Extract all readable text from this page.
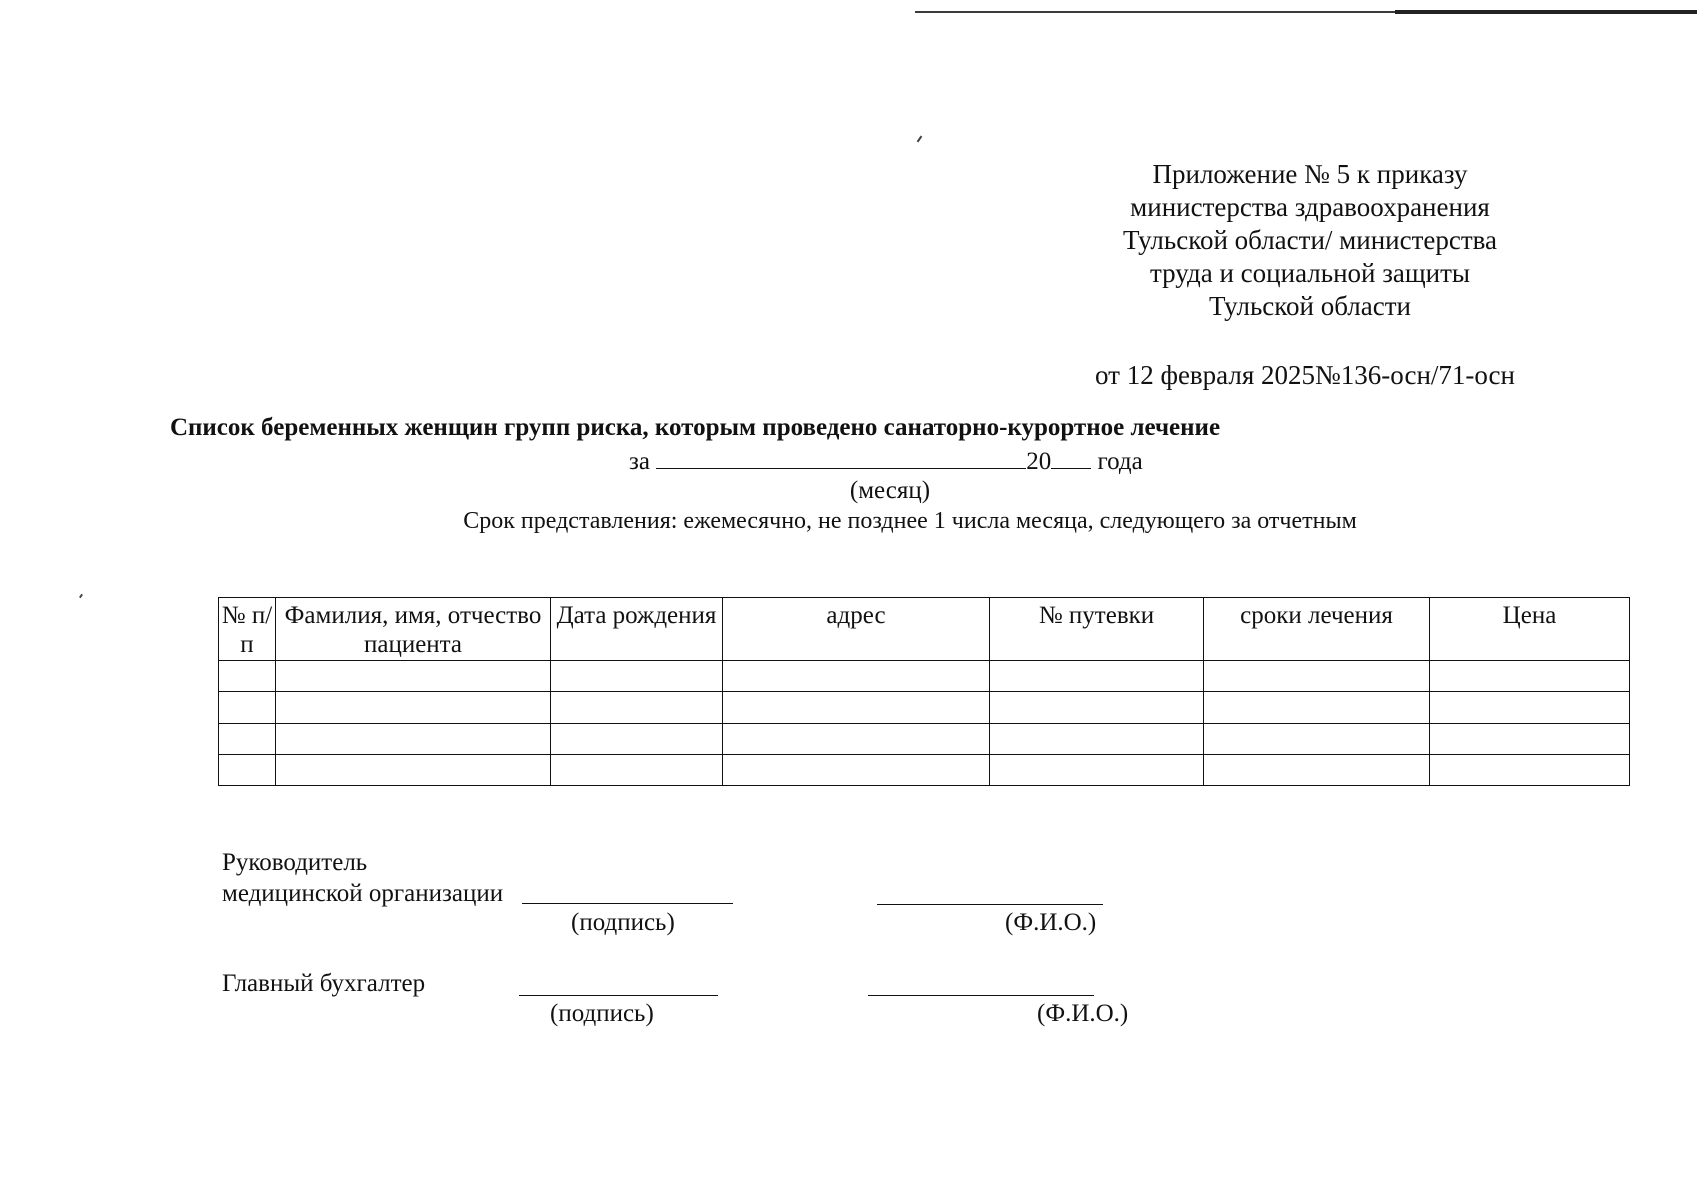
Приложение № 5 к приказу
министерства здравоохранения
Тульской области/ министерства
труда и социальной защиты
Тульской области
от 12 февраля 2025№136-осн/71-осн
Список беременных женщин групп риска, которым проведено санаторно-курортное лечение
за	20 года
(месяц)
Срок представления: ежемесячно, не позднее 1 числа месяца, следующего за отчетным
№ п/п	Фамилия, имя, отчество пациента	Дата рождения	адрес	№ путевки	сроки лечения	Цена

Руководитель
медицинской организации
(подпись)	(Ф.И.О.)
Главный бухгалтер
(подпись)	(Ф.И.О.)
